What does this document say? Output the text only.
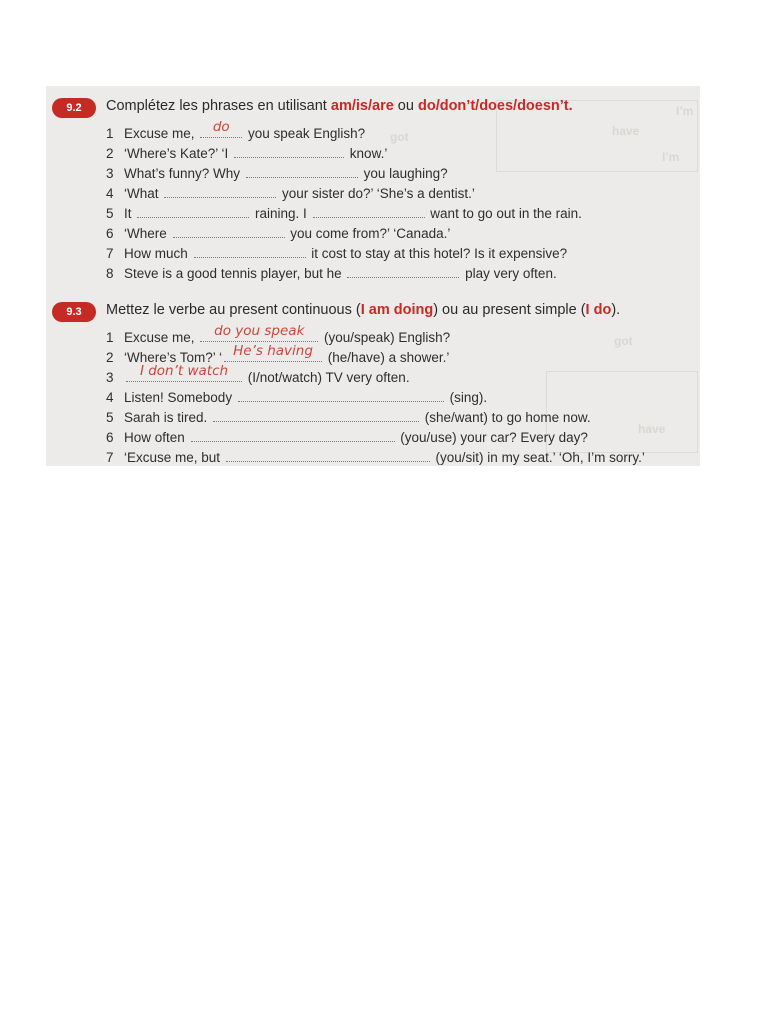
I’m
I’m
have
got
got
have
9.2	Complétez les phrases en utilisant am/is/are ou do/don’t/does/doesn’t.
1 Excuse me,	do	you speak English?
2 ‘Where’s Kate?’ ‘I	know.’
3 What’s funny? Why	you laughing?
4 ‘What	your sister do?’ ‘She’s a dentist.’
5 It	raining. I	want to go out in the rain.
6 ‘Where	you come from?’ ‘Canada.’
7 How much	it cost to stay at this hotel? Is it expensive?
8 Steve is a good tennis player, but he	play very often.
9.3	Mettez le verbe au present continuous (I am doing) ou au present simple (I do).
1 Excuse me,	do you speak	(you/speak) English?
2 ‘Where’s Tom?’ ‘ He’s having (he/have) a shower.’
3	I don’t watch	(I/not/watch) TV very often.
4 Listen! Somebody	(sing).
5 Sarah is tired.	(she/want) to go home now.
6 How often	(you/use) your car? Every day?
7 ‘Excuse me, but	(you/sit) in my seat.’ ‘Oh, I’m sorry.’
